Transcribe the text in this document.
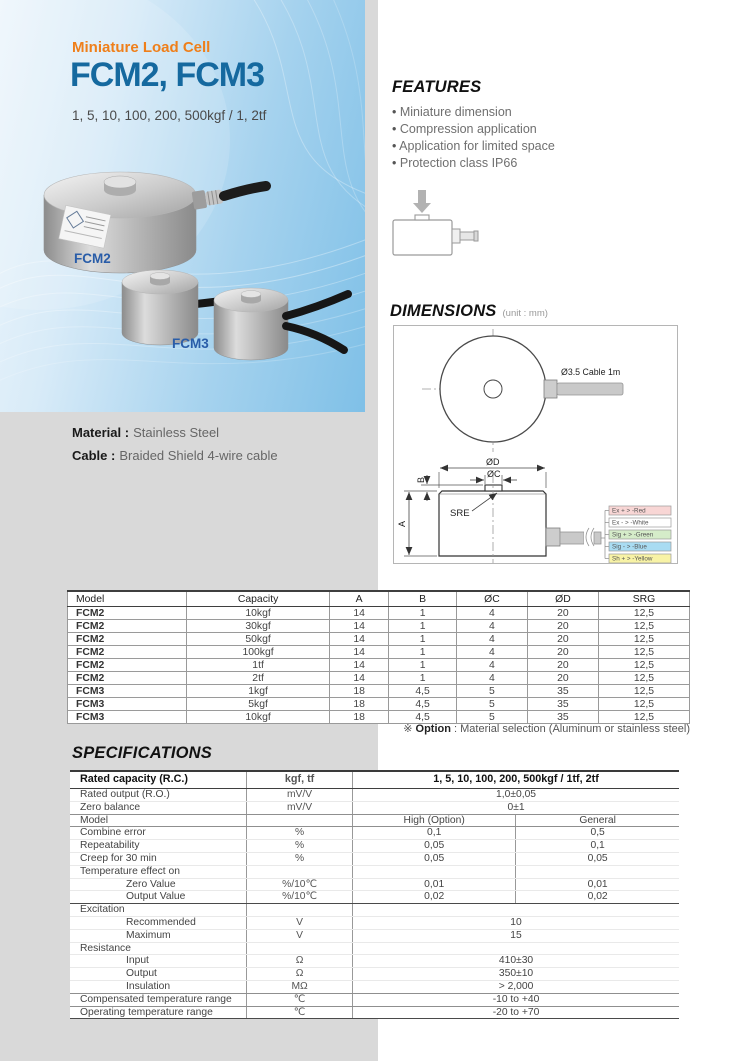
Miniature Load Cell
FCM2, FCM3
1, 5, 10, 100, 200, 500kgf / 1, 2tf
FCM2
FCM3
Material : Stainless Steel
Cable : Braided Shield 4-wire cable
FEATURES
• Miniature dimension
• Compression application
• Application for limited space
• Protection class IP66
DIMENSIONS (unit : mm)
Ø3.5 Cable 1m
ØD
ØC
B
A
SRE	Ex + > -Red
Ex - > -White
Sig + > -Green
Sig - > -Blue
Sh + > -Yellow
Model	Capacity	A	B	ØC	ØD	SRG
FCM2	10kgf	14	1	4	20	12,5
FCM2	30kgf	14	1	4	20	12,5
FCM2	50kgf	14	1	4	20	12,5
FCM2	100kgf	14	1	4	20	12,5
FCM2	1tf	14	1	4	20	12,5
FCM2	2tf	14	1	4	20	12,5
FCM3	1kgf	18	4,5	5	35	12,5
FCM3	5kgf	18	4,5	5	35	12,5
FCM3	10kgf	18	4,5	5	35	12,5
※ Option : Material selection (Aluminum or stainless steel)
SPECIFICATIONS
Rated capacity (R.C.)	kgf, tf	1, 5, 10, 100, 200, 500kgf / 1tf, 2tf	
Rated output (R.O.)	mV/V	1,0±0,05	
Zero balance	mV/V	0±1	
Model		High (Option)	General
Combine error	%	0,1	0,5
Repeatability	%	0,05	0,1
Creep for 30 min	%	0,05	0,05
Temperature effect on			
Zero Value	%/10℃	0,01	0,01
Output Value	%/10℃	0,02	0,02
Excitation			
Recommended	V	10	
Maximum	V	15	
Resistance			
Input	Ω	410±30	
Output	Ω	350±10	
Insulation	MΩ	> 2,000	
Compensated temperature range	℃	-10 to +40	
Operating temperature range	℃	-20 to +70	
